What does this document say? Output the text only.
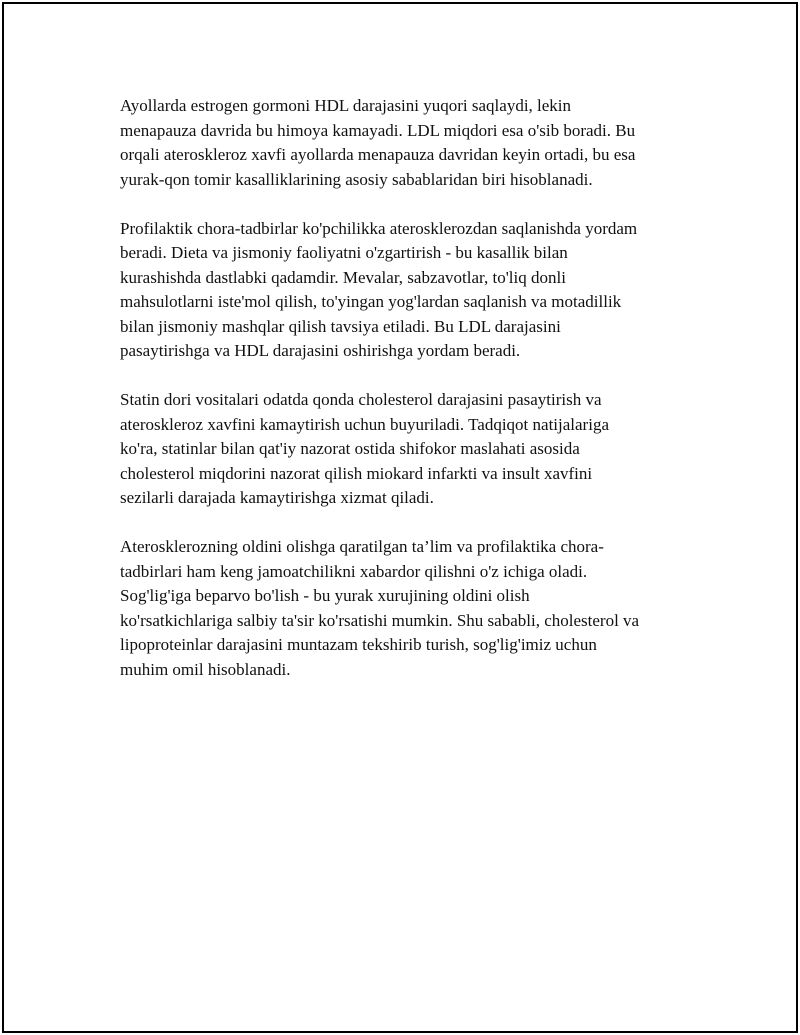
Ayollarda estrogen gormoni HDL darajasini yuqori saqlaydi, lekin
menapauza davrida bu himoya kamayadi. LDL miqdori esa o'sib boradi. Bu
orqali ateroskleroz xavfi ayollarda menapauza davridan keyin ortadi, bu esa
yurak-qon tomir kasalliklarining asosiy sabablaridan biri hisoblanadi.

Profilaktik chora-tadbirlar ko'pchilikka aterosklerozdan saqlanishda yordam
beradi. Dieta va jismoniy faoliyatni o'zgartirish - bu kasallik bilan
kurashishda dastlabki qadamdir. Mevalar, sabzavotlar, to'liq donli
mahsulotlarni iste'mol qilish, to'yingan yog'lardan saqlanish va motadillik
bilan jismoniy mashqlar qilish tavsiya etiladi. Bu LDL darajasini
pasaytirishga va HDL darajasini oshirishga yordam beradi.

Statin dori vositalari odatda qonda cholesterol darajasini pasaytirish va
ateroskleroz xavfini kamaytirish uchun buyuriladi. Tadqiqot natijalariga
ko'ra, statinlar bilan qat'iy nazorat ostida shifokor maslahati asosida
cholesterol miqdorini nazorat qilish miokard infarkti va insult xavfini
sezilarli darajada kamaytirishga xizmat qiladi.

Aterosklerozning oldini olishga qaratilgan ta’lim va profilaktika chora-
tadbirlari ham keng jamoatchilikni xabardor qilishni o'z ichiga oladi.
Sog'lig'iga beparvo bo'lish - bu yurak xurujining oldini olish
ko'rsatkichlariga salbiy ta'sir ko'rsatishi mumkin. Shu sababli, cholesterol va
lipoproteinlar darajasini muntazam tekshirib turish, sog'lig'imiz uchun
muhim omil hisoblanadi.
